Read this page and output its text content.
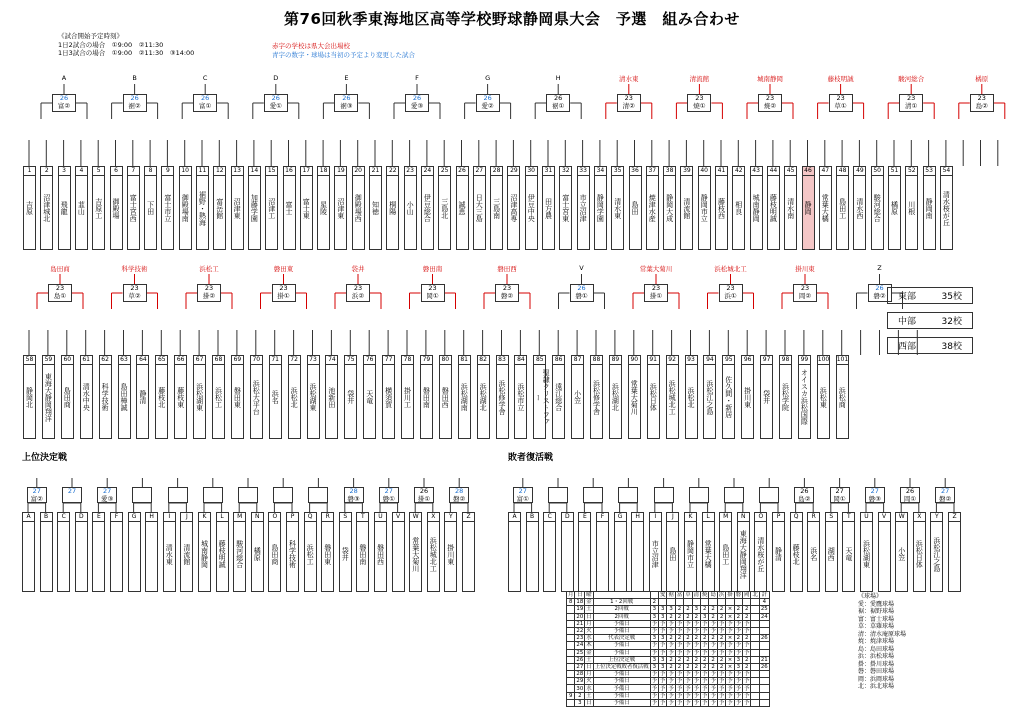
第76回秋季東海地区高等学校野球静岡県大会　予選　組み合わせ
《試合開始予定時刻》
1日2試合の場合　①9:00　②11:30
1日3試合の場合　①9:00　②11:30　③14:00
赤字の学校は県大会出場校
青字の数字・球場は当初の予定より変更した試合
1
吉原
2
沼津城北
3
飛龍
4
韮山
5
吉原工
6
御殿場
7
富士宮西
8
下田
9
富士市立
10
御殿場南
11
裾野・熱海
12
富岳館
13
沼津東
14
加藤学園
15
沼津工
16
富士
17
富士東
18
星陵
19
沼津東
20
御殿場西
21
知徳
22
桐陽
23
小山
24
伊豆総合
25
三島北
26
誠恵
27
日大三島
28
三島南
29
沼津高専
30
伊豆中央
31
田方農
32
富士宮東
33
市立沼津
34
静岡学園
35
清水東
36
島田
37
焼津水産
38
静岡大成
39
清流館
40
静岡市立
41
藤枝西
42
相良
43
城南静岡
44
藤枝明誠
45
清水南
46
静岡
47
常葉大橘
48
島田工
49
清水西
50
駿河総合
51
橘原
52
川根
53
静岡南
54
清水桜が丘
58
静岡北
59
東海大静岡翔洋
60
島田商
61
清水中央
62
科学技術
63
島田樟誠
64
静清
65
藤枝北
66
藤枝東
67
浜松湖東
68
浜松工
69
磐田東
70
浜松大平台
71
浜名
72
浜松北
73
浜松湖東
74
池新田
75
袋井
76
天竜
77
横須賀
78
掛川工
79
磐田南
80
磐田西
81
浜松湖南
82
浜松湖北
83
浜松修学舎
84
浜松市立
85
聖隷クリストファー
86
遠江総合
87
小笠
88
浜松修学舎
89
浜松湖北
90
常葉大菊川
91
浜松日体
92
浜松城北工
93
浜松北
94
浜松江之島
95
佐久間・新居
96
掛川東
97
袋井
98
浜松学院
99
オイスカ浜松国際
100
浜松東
101
浜松商
A
26
富②
B
26
裾②
C
26
富①
D
26
愛①
E
26
裾③
F
26
愛③
G
26
愛②
H
26
裾①
清水東
23
清②
清流館
23
焼①
城南静岡
23
焼②
藤枝明誠
23
草①
駿河総合
23
清①
橘原
23
島②
島田商
23
島①
科学技術
23
草②
浜松工
23
掛②
磐田東
23
掛①
袋井
23
浜②
磐田南
23
岡①
磐田西
23
磐②
V
26
磐①
常葉大菊川
23
掛①
浜松城北工
23
浜①
掛川東
23
岡②
Z
26
磐②
27
富②
A	B
27
C	D
27
愛③
E	F	G	H	I
清水東
J
清流館
K
城南静岡
L
藤枝明誠
M
駿河総合
N
橘原
O
島田商
P
科学技術
Q
浜松工
R
磐田東
28
磐③
S
袋井
T
磐田南
27
磐①
U
磐田西
V
26
掛①
W
常葉大菊川
X
浜松城北工
28
磐②
Y
掛川東
Z
27
富①
A	B	C	D	E	F	G	H	I
市立沼津
J
島田
K
静岡市立
L
常葉大橘
M
島田工
N
東海大静岡翔洋
O
清水桜が丘
P
静清
26
島②
Q
藤枝北
R
浜名
27
岡①
S
湖西
T
天竜
27
磐③
U
浜松湖東
V
26
岡①
W
小笠
X
浜松日体
27
磐②
Y
浜松江之島
Z
東部	35校
中部	32校
西部	38校
上位決定戦	敗者復活戦
月	日	曜			愛	裾	富	草	清	焼	島	浜	掛	磐	岡	北	計
8	18	金	1・2回戦	2													4
	19	土	2回戦	3	3	3	2	2	3	2	2	2	×	2	2		25
	20	日	2回戦	3	3	2	2	2	2	3	2	2	×	2	2		24
	21	月	予備日	予	予	予	予	予	予	予	予	予	予	予	予		
	22	火	予備日	予	予	予	予	予	予	予	予	予	予	予	予		
	23	水	代表決定戦	3	3	2	2	2	2	2	2	2	×	2	2		26
	24	木	予備日	予	予	予	予	予	予	予	予	予	予	予	予		
	25	金	予備日	予	予	予	予	予	予	予	予	予	予	予	予		
	26	土	上位決定戦	3	3	2	2	2	2	2	2	2	×	3	2		21
	27	日	上位決定戦敗者復活戦	3	3	2	2	2	2	2	2	2	×	3	2		26
	28	月	予備日	予	予	予	予	予	予	予	予	予	予	予	予		
	29	火	予備日	予	予	予	予	予	予	予	予	予	予	予	予		
	30	水	予備日	予	予	予	予	予	予	予	予	予	予	予	予		
9	2	土	予備日	予	予	予	予	予	予	予	予	予	予	予	予		
	3	日	予備日	予	予	予	予	予	予	予	予	予	予	予	予		
《球場》
愛：愛鷹球場
裾：裾野球場
富：富士球場
草：草薙球場
清：清水庵原球場
焼：焼津球場
島：島田球場
浜：浜松球場
掛：掛川球場
磐：磐田球場
岡：浜岡球場
北：浜北球場
